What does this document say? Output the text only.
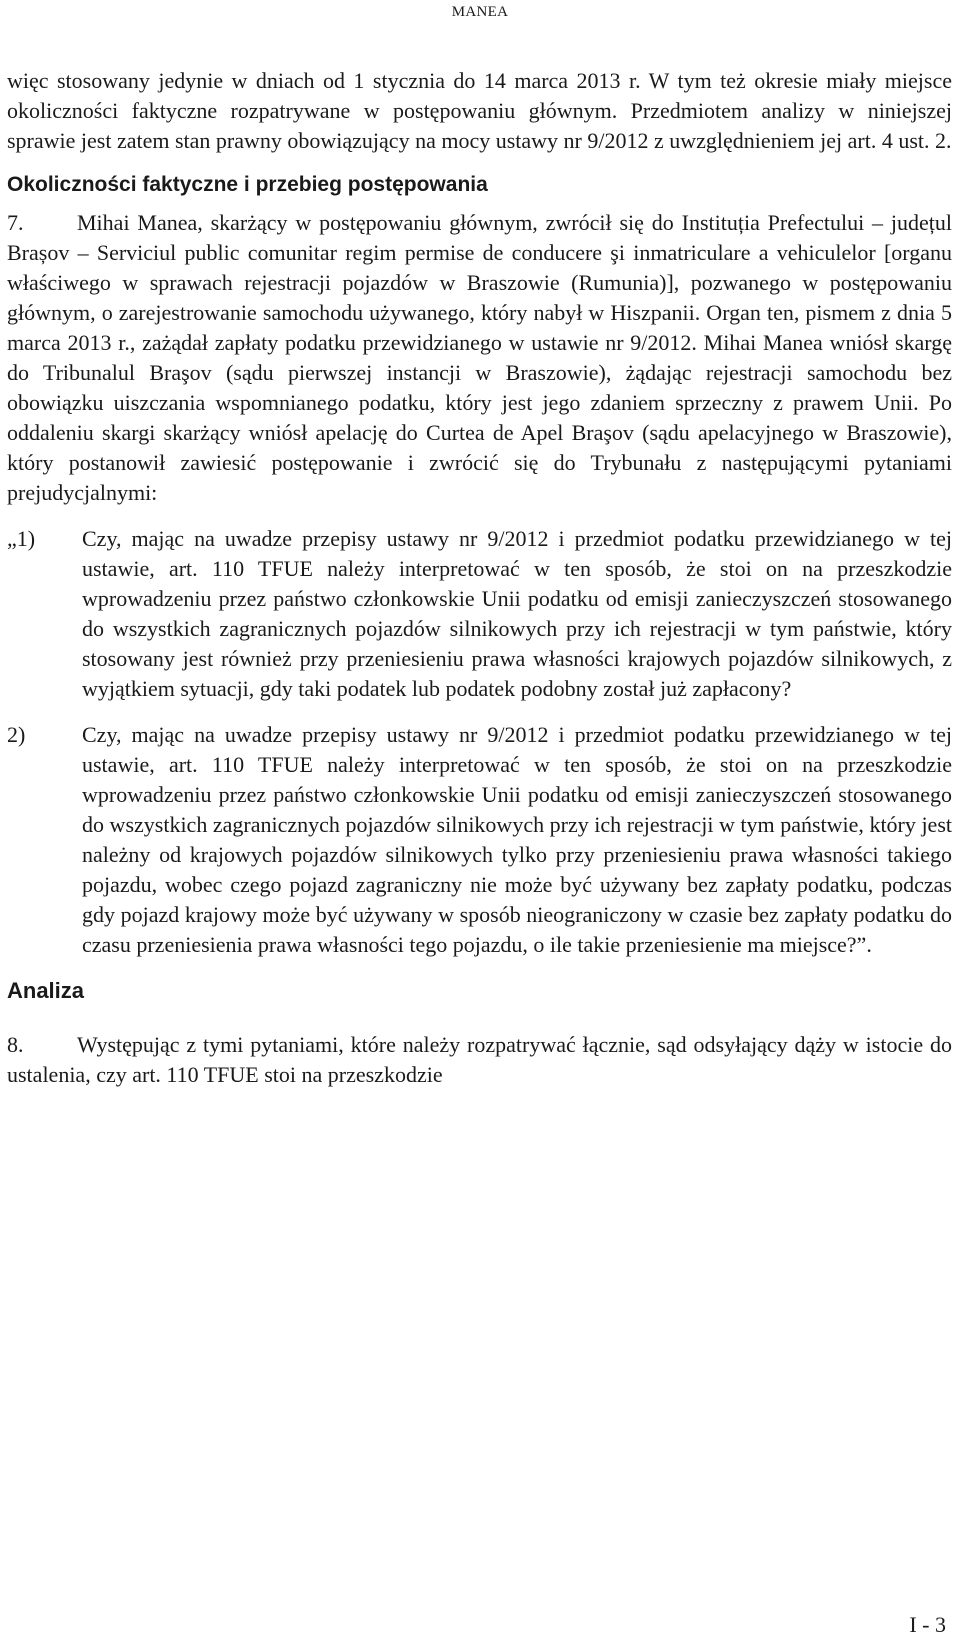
MANEA

więc stosowany jedynie w dniach od 1 stycznia do 14 marca 2013 r. W tym też okresie miały miejsce okoliczności faktyczne rozpatrywane w postępowaniu głównym. Przedmiotem analizy w niniejszej sprawie jest zatem stan prawny obowiązujący na mocy ustawy nr 9/2012 z uwzględnieniem jej art. 4 ust. 2.

Okoliczności faktyczne i przebieg postępowania

7. Mihai Manea, skarżący w postępowaniu głównym, zwrócił się do Instituția Prefectului – județul Brașov – Serviciul public comunitar regim permise de conducere şi inmatriculare a vehiculelor [organu właściwego w sprawach rejestracji pojazdów w Braszowie (Rumunia)], pozwanego w postępowaniu głównym, o zarejestrowanie samochodu używanego, który nabył w Hiszpanii. Organ ten, pismem z dnia 5 marca 2013 r., zażądał zapłaty podatku przewidzianego w ustawie nr 9/2012. Mihai Manea wniósł skargę do Tribunalul Braşov (sądu pierwszej instancji w Braszowie), żądając rejestracji samochodu bez obowiązku uiszczania wspomnianego podatku, który jest jego zdaniem sprzeczny z prawem Unii. Po oddaleniu skargi skarżący wniósł apelację do Curtea de Apel Braşov (sądu apelacyjnego w Braszowie), który postanowił zawiesić postępowanie i zwrócić się do Trybunału z następującymi pytaniami prejudycjalnymi:

„1) Czy, mając na uwadze przepisy ustawy nr 9/2012 i przedmiot podatku przewidzianego w tej ustawie, art. 110 TFUE należy interpretować w ten sposób, że stoi on na przeszkodzie wprowadzeniu przez państwo członkowskie Unii podatku od emisji zanieczyszczeń stosowanego do wszystkich zagranicznych pojazdów silnikowych przy ich rejestracji w tym państwie, który stosowany jest również przy przeniesieniu prawa własności krajowych pojazdów silnikowych, z wyjątkiem sytuacji, gdy taki podatek lub podatek podobny został już zapłacony?

2)	Czy, mając na uwadze przepisy ustawy nr 9/2012 i przedmiot podatku przewidzianego w tej ustawie, art. 110 TFUE należy interpretować w ten sposób, że stoi on na przeszkodzie wprowadzeniu przez państwo członkowskie Unii podatku od emisji zanieczyszczeń stosowanego do wszystkich zagranicznych pojazdów silnikowych przy ich rejestracji w tym państwie, który jest należny od krajowych pojazdów silnikowych tylko przy przeniesieniu prawa własności takiego pojazdu, wobec czego pojazd zagraniczny nie może być używany bez zapłaty podatku, podczas gdy pojazd krajowy może być używany w sposób nieograniczony w czasie bez zapłaty podatku do czasu przeniesienia prawa własności tego pojazdu, o ile takie przeniesienie ma miejsce?”.

Analiza

8. Występując z tymi pytaniami, które należy rozpatrywać łącznie, sąd odsyłający dąży w istocie do ustalenia, czy art. 110 TFUE stoi na przeszkodzie

I - 3
